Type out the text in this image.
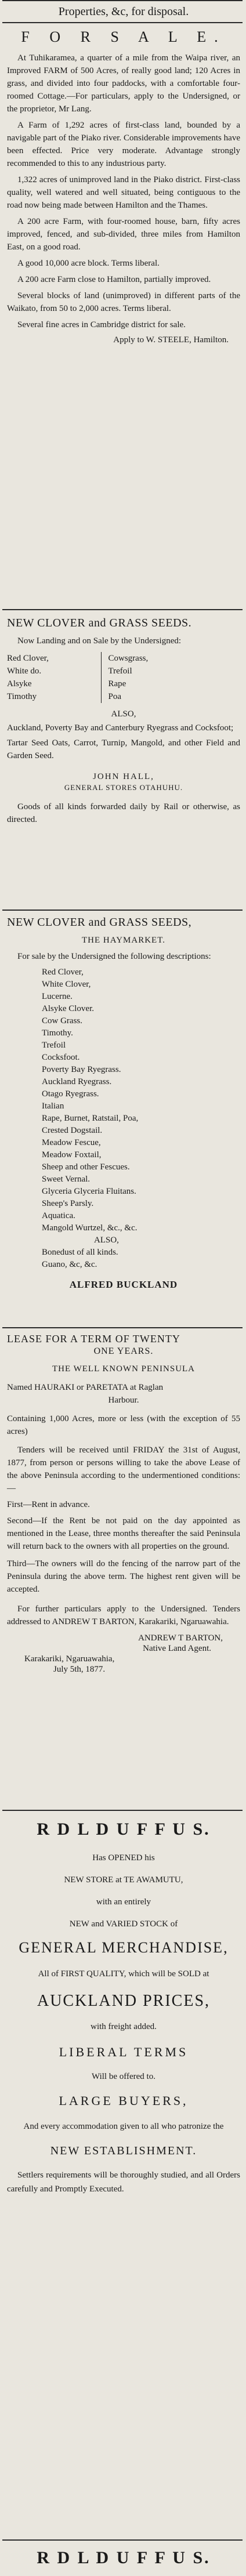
Properties, &c, for disposal.
F O R S A L E.
At Tuhikaramea, a quarter of a mile from the Waipa river, an Improved FARM of 500 Acres, of really good land; 120 Acres in grass, and divided into four paddocks, with a comfortable four-roomed Cottage.—For particulars, apply to the Undersigned, or the proprietor, Mr Lang.
A Farm of 1,292 acres of first-class land, bounded by a navigable part of the Piako river. Considerable improvements have been effected. Price very moderate. Advantage strongly recommended to this to any industrious party.
1,322 acres of unimproved land in the Piako district. First-class quality, well watered and well situated, being contiguous to the road now being made between Hamilton and the Thames.
A 200 acre Farm, with four-roomed house, barn, fifty acres improved, fenced, and sub-divided, three miles from Hamilton East, on a good road.
A good 10,000 acre block. Terms liberal.
A 200 acre Farm close to Hamilton, partially improved.
Several blocks of land (unimproved) in different parts of the Waikato, from 50 to 2,000 acres. Terms liberal.
Several fine acres in Cambridge district for sale.
Apply to W. STEELE, Hamilton.
NEW CLOVER and GRASS SEEDS.
Now Landing and on Sale by the Undersigned:
Red Clover,
White do.
Alsyke
Timothy

Cowsgrass,
Trefoil
Rape
Poa
ALSO,
Auckland, Poverty Bay and Canterbury Ryegrass and Cocksfoot;
Tartar Seed Oats, Carrot, Turnip, Mangold, and other Field and Garden Seed.
JOHN HALL,
GENERAL STORES OTAHUHU.
Goods of all kinds forwarded daily by Rail or otherwise, as directed.
NEW CLOVER and GRASS SEEDS,
THE HAYMARKET.
For sale by the Undersigned the following descriptions:
Red Clover,
White Clover,
Lucerne.
Alsyke Clover.
Cow Grass.
Timothy.
Trefoil
Cocksfoot.
Poverty Bay Ryegrass.
Auckland Ryegrass.
Otago Ryegrass.
Italian
Rape, Burnet, Ratstail, Poa,
Crested Dogstail.
Meadow Fescue,
Meadow Foxtail,
Sheep and other Fescues.
Sweet Vernal.
Glyceria Glyceria Fluitans.
Sheep's Parsly.
Aquatica.
Mangold Wurtzel, &c., &c.
ALSO,
Bonedust of all kinds.
Guano, &c, &c.
ALFRED BUCKLAND
LEASE FOR A TERM OF TWENTY
ONE YEARS.
THE WELL KNOWN PENINSULA
Named HAURAKI or PARETATA at Raglan
Harbour.
Containing 1,000 Acres, more or less (with the exception of 55 acres)
Tenders will be received until FRIDAY the 31st of August, 1877, from person or persons willing to take the above Lease of the above Peninsula according to the undermentioned conditions:—
First—Rent in advance.
Second—If the Rent be not paid on the day appointed as mentioned in the Lease, three months thereafter the said Peninsula will return back to the owners with all properties on the ground.
Third—The owners will do the fencing of the narrow part of the Peninsula during the above term. The highest rent given will be accepted.
For further particulars apply to the Undersigned. Tenders addressed to ANDREW T BARTON, Karakariki, Ngaruawahia.
ANDREW T BARTON,
Native Land Agent.
Karakariki, Ngaruawahia,
July 5th, 1877.
R D L D U F F U S.
Has OPENED his
NEW STORE at TE AWAMUTU,
with an entirely
NEW and VARIED STOCK of
GENERAL MERCHANDISE,
All of FIRST QUALITY, which will be SOLD at
AUCKLAND PRICES,
with freight added.
LIBERAL TERMS
Will be offered to.
LARGE BUYERS,
And every accommodation given to all who patronize the
NEW ESTABLISHMENT.
Settlers requirements will be thoroughly studied, and all Orders carefully and Promptly Executed.
R D L D U F F U S.
